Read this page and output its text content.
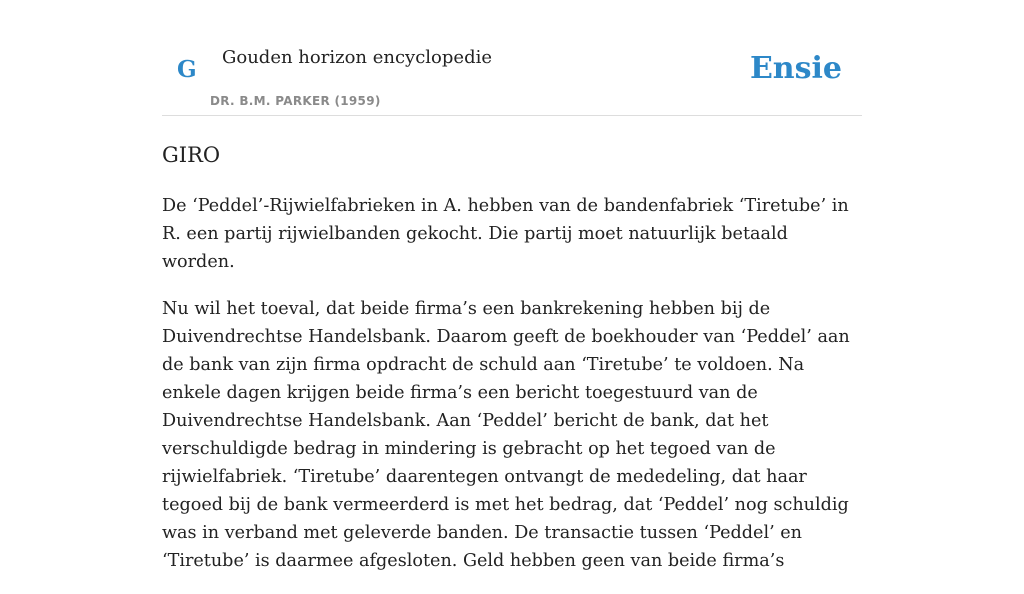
G Gouden horizon encyclopedie
DR. B.M. PARKER (1959)
Ensie
GIRO

De ‘Peddel’-Rijwielfabrieken in A. hebben van de bandenfabriek ‘Tiretube’ in R. een partij rijwielbanden gekocht. Die partij moet natuurlijk betaald worden.

Nu wil het toeval, dat beide firma’s een bankrekening hebben bij de Duivendrechtse Handelsbank. Daarom geeft de boekhouder van ‘Peddel’ aan de bank van zijn firma opdracht de schuld aan ‘Tiretube’ te voldoen. Na enkele dagen krijgen beide firma’s een bericht toegestuurd van de Duivendrechtse Handelsbank. Aan ‘Peddel’ bericht de bank, dat het verschuldigde bedrag in mindering is gebracht op het tegoed van de rijwielfabriek. ‘Tiretube’ daarentegen ontvangt de mededeling, dat haar tegoed bij de bank vermeerderd is met het bedrag, dat ‘Peddel’ nog schuldig was in verband met geleverde banden. De transactie tussen ‘Peddel’ en ‘Tiretube’ is daarmee afgesloten. Geld hebben geen van beide firma’s
